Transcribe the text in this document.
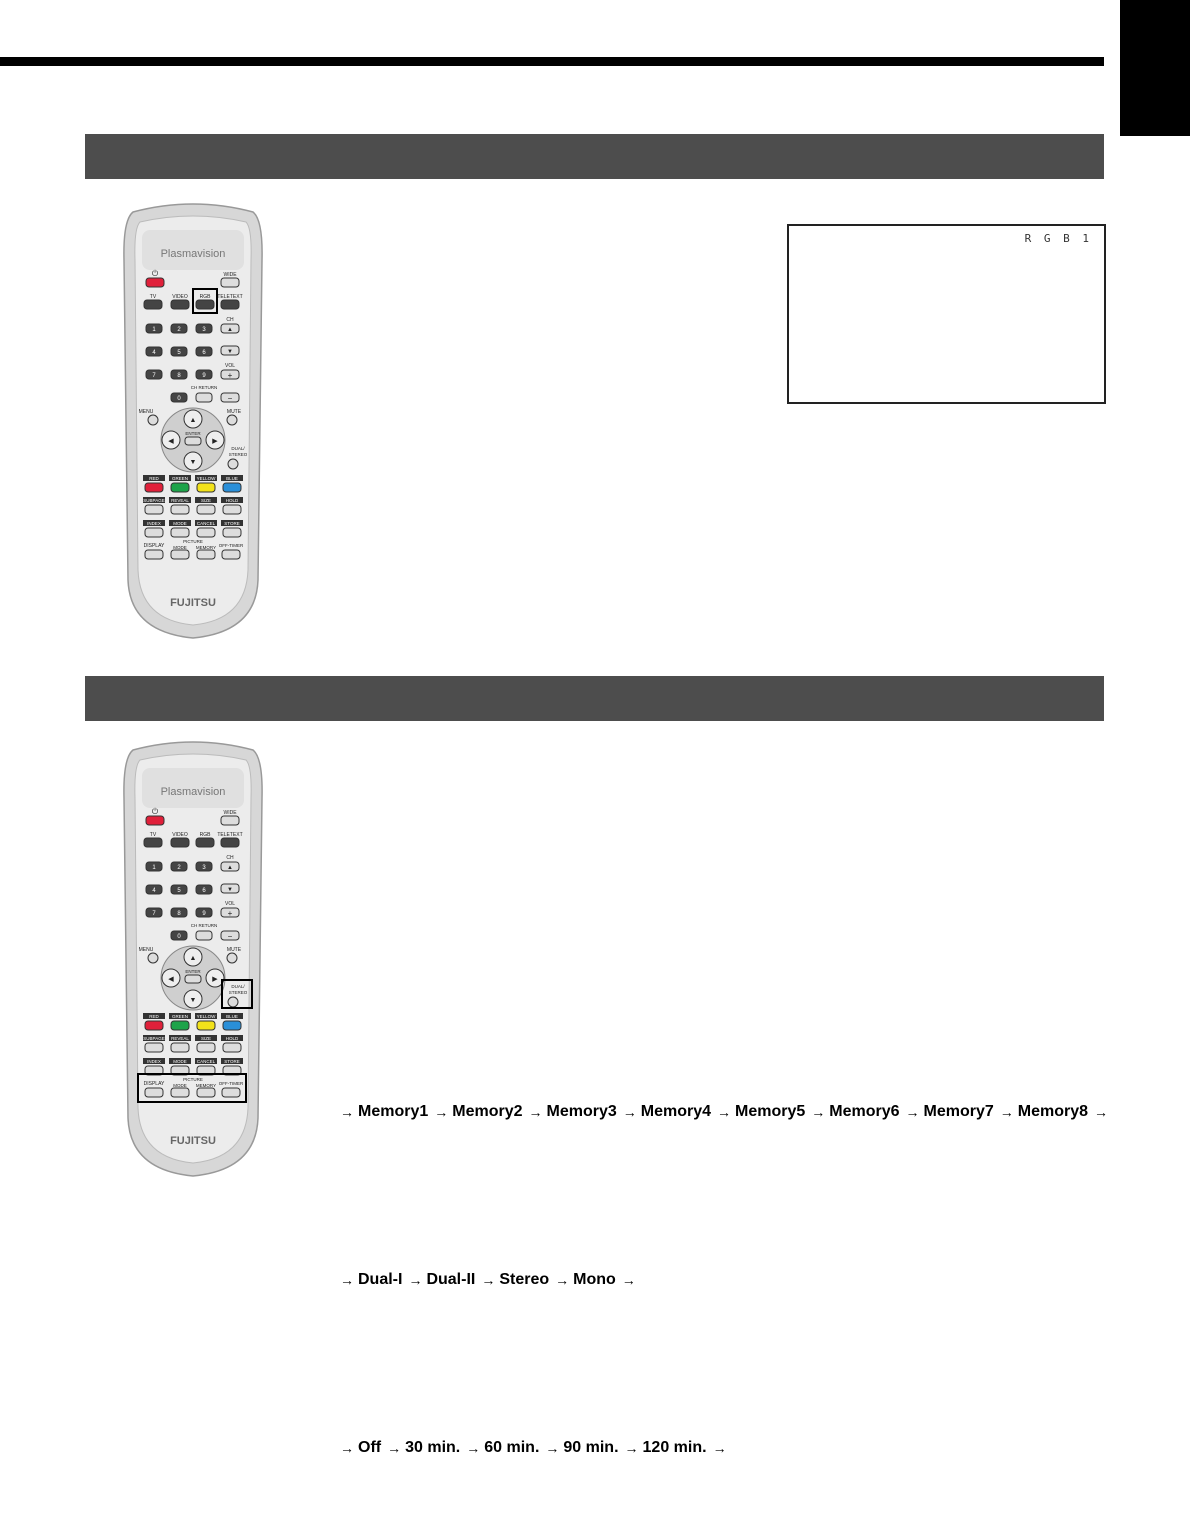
R G B 1
Plasmavision
⏻	WIDE
TV	VIDEO RGB TELETEXT
1	2	3
4	5	6
7	8	9
0
CH RETURN
CH
▲
▼
VOL
+
−
MENU	MUTE
▲
▼
◀	▶
ENTER
DUAL/
STEREO
RED	GREEN YELLOW BLUE
SUBPAGE REVEAL	SIZE	HOLD
INDEX	MODE CANCEL STORE
DISPLAY
PICTURE
MODE MEMORY OFF-TIMER
FUJITSU
Plasmavision
⏻	WIDE
TV	VIDEO RGB TELETEXT
1	2	3
4	5	6
7	8	9
0
CH RETURN
CH
▲
▼
VOL
+
−
MENU	MUTE
▲
▼
◀	▶
ENTER
DUAL/
STEREO
RED	GREEN YELLOW BLUE
SUBPAGE REVEAL	SIZE	HOLD
INDEX	MODE CANCEL STORE
DISPLAY
PICTURE
MODE MEMORY OFF-TIMER
FUJITSU
→ Memory1 → Memory2 → Memory3 → Memory4 → Memory5 → Memory6 → Memory7 → Memory8 →
→ Dual-I → Dual-II → Stereo → Mono →
→ Off → 30 min. → 60 min. → 90 min. → 120 min. →
